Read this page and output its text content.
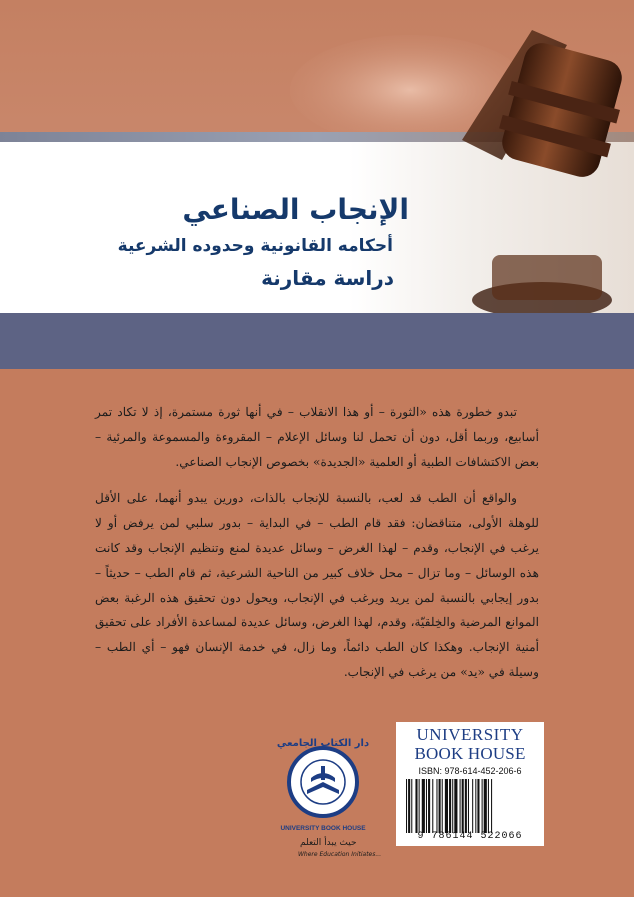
الإنجاب الصناعي
أحكامه القانونية وحدوده الشرعية
دراسة مقارنة

تبدو خطورة هذه «الثورة – أو هذا الانقلاب – في أنها ثورة مستمرة، إذ لا تكاد تمر أسابيع، وربما أقل، دون أن تحمل لنا وسائل الإعلام – المقروءة والمسموعة والمرئية – بعض الاكتشافات الطبية أو العلمية «الجديدة» بخصوص الإنجاب الصناعي.

والواقع أن الطب قد لعب، بالنسبة للإنجاب بالذات، دورين يبدو أنهما، على الأقل للوهلة الأولى، متناقضان: فقد قام الطب – في البداية – بدور سلبي لمن يرفض أو لا يرغب في الإنجاب، وقدم – لهذا الغرض – وسائل عديدة لمنع وتنظيم الإنجاب وقد كانت هذه الوسائل – وما تزال – محل خلاف كبير من الناحية الشرعية، ثم قام الطب – حديثاً – بدور إيجابي بالنسبة لمن يريد ويرغب في الإنجاب، ويحول دون تحقيق هذه الرغبة بعض الموانع المرضية والخِلقيّة، وقدم، لهذا الغرض، وسائل عديدة لمساعدة الأفراد على تحقيق أمنية الإنجاب. وهكذا كان الطب دائماً، وما زال، في خدمة الإنسان فهو – أي الطب – وسيلة في «يد» من يرغب في الإنجاب.

دار الكتاب الجامعي
UNIVERSITY BOOK HOUSE
حيث يبدأ التعلم
Where Education Initiates...
UNIVERSITY
BOOK HOUSE
ISBN: 978-614-452-206-6
9 786144 522066
